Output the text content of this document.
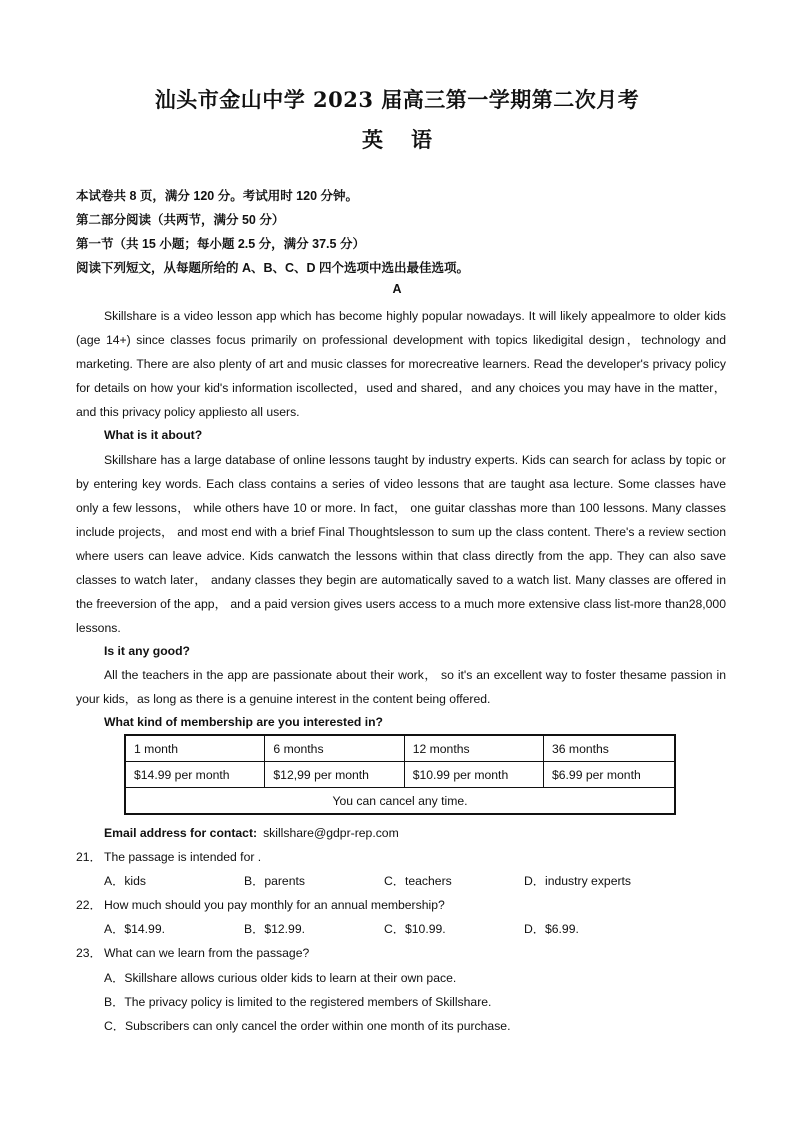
汕头市金山中学 2023 届高三第一学期第二次月考
英语
本试卷共 8 页，满分 120 分。考试用时 120 分钟。
第二部分阅读（共两节，满分 50 分）
第一节（共 15 小题；每小题 2.5 分，满分 37.5 分）
阅读下列短文，从每题所给的 A、B、C、D 四个选项中选出最佳选项。
A

Skillshare is a video lesson app which has become highly popular nowadays. It will likely appealmore to older kids (age 14+) since classes focus primarily on professional development with topics likedigital design，technology and marketing. There are also plenty of art and music classes for morecreative learners. Read the developer's privacy policy for details on how your kid's information iscollected，used and shared，and any choices you may have in the matter，and this privacy policy appliesto all users.

What is it about?

Skillshare has a large database of online lessons taught by industry experts. Kids can search for aclass by topic or by entering key words. Each class contains a series of video lessons that are taught asa lecture. Some classes have only a few lessons， while others have 10 or more. In fact， one guitar classhas more than 100 lessons. Many classes include projects， and most end with a brief Final Thoughtslesson to sum up the class content. There's a review section where users can leave advice. Kids canwatch the lessons within that class directly from the app. They can also save classes to watch later， andany classes they begin are automatically saved to a watch list. Many classes are offered in the freeversion of the app， and a paid version gives users access to a much more extensive class list-more than28,000 lessons.

Is it any good?

All the teachers in the app are passionate about their work， so it's an excellent way to foster thesame passion in your kids，as long as there is a genuine interest in the content being offered.

What kind of membership are you interested in?
1 month	6 months	12 months	36 months
$14.99 per month	$12,99 per month	$10.99 per month	$6.99 per month
You can cancel any time.			
Email address for contact: skillshare@gdpr-rep.com
21． The passage is intended for .
A．kids	B．parents	C．teachers	D．industry experts
22． How much should you pay monthly for an annual membership?
A．$14.99.	B．$12.99.	C．$10.99.	D．$6.99.
23． What can we learn from the passage?
A．Skillshare allows curious older kids to learn at their own pace.
B．The privacy policy is limited to the registered members of Skillshare.
C．Subscribers can only cancel the order within one month of its purchase.
